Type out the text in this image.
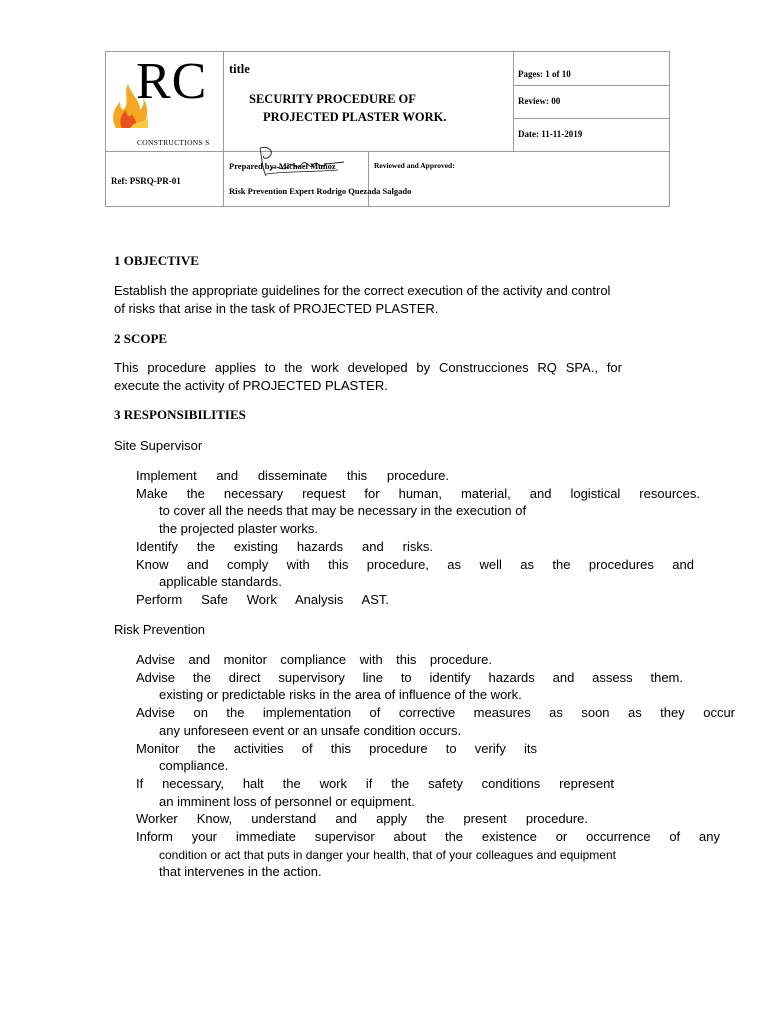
RC
CONSTRUCTIONS S
title
SECURITY PROCEDURE OF
PROJECTED PLASTER WORK.
Pages: 1 of 10
Review: 00
Date: 11-11-2019
Ref: PSRQ-PR-01
Prepared by: Michael Muñoz
Risk Prevention Expert Rodrigo Quezada Salgado
Reviewed and Approved:
1 OBJECTIVE
Establish the appropriate guidelines for the correct execution of the activity and control
of risks that arise in the task of PROJECTED PLASTER.
2 SCOPE
This procedure applies to the work developed by Construcciones RQ SPA., for
execute the activity of PROJECTED PLASTER.
3 RESPONSIBILITIES
Site Supervisor
Implement and disseminate this procedure.
Make the necessary request for human, material, and logistical resources.
to cover all the needs that may be necessary in the execution of
the projected plaster works.
Identify the existing hazards and risks.
Know and comply with this procedure, as well as the procedures and
applicable standards.
Perform Safe Work Analysis AST.
Risk Prevention
Advise and monitor compliance with this procedure.
Advise the direct supervisory line to identify hazards and assess them.
existing or predictable risks in the area of influence of the work.
Advise on the implementation of corrective measures as soon as they occur
any unforeseen event or an unsafe condition occurs.
Monitor the activities of this procedure to verify its
compliance.
If necessary, halt the work if the safety conditions represent
an imminent loss of personnel or equipment.
Worker Know, understand and apply the present procedure.
Inform your immediate supervisor about the existence or occurrence of any
condition or act that puts in danger your health, that of your colleagues and equipment
that intervenes in the action.
